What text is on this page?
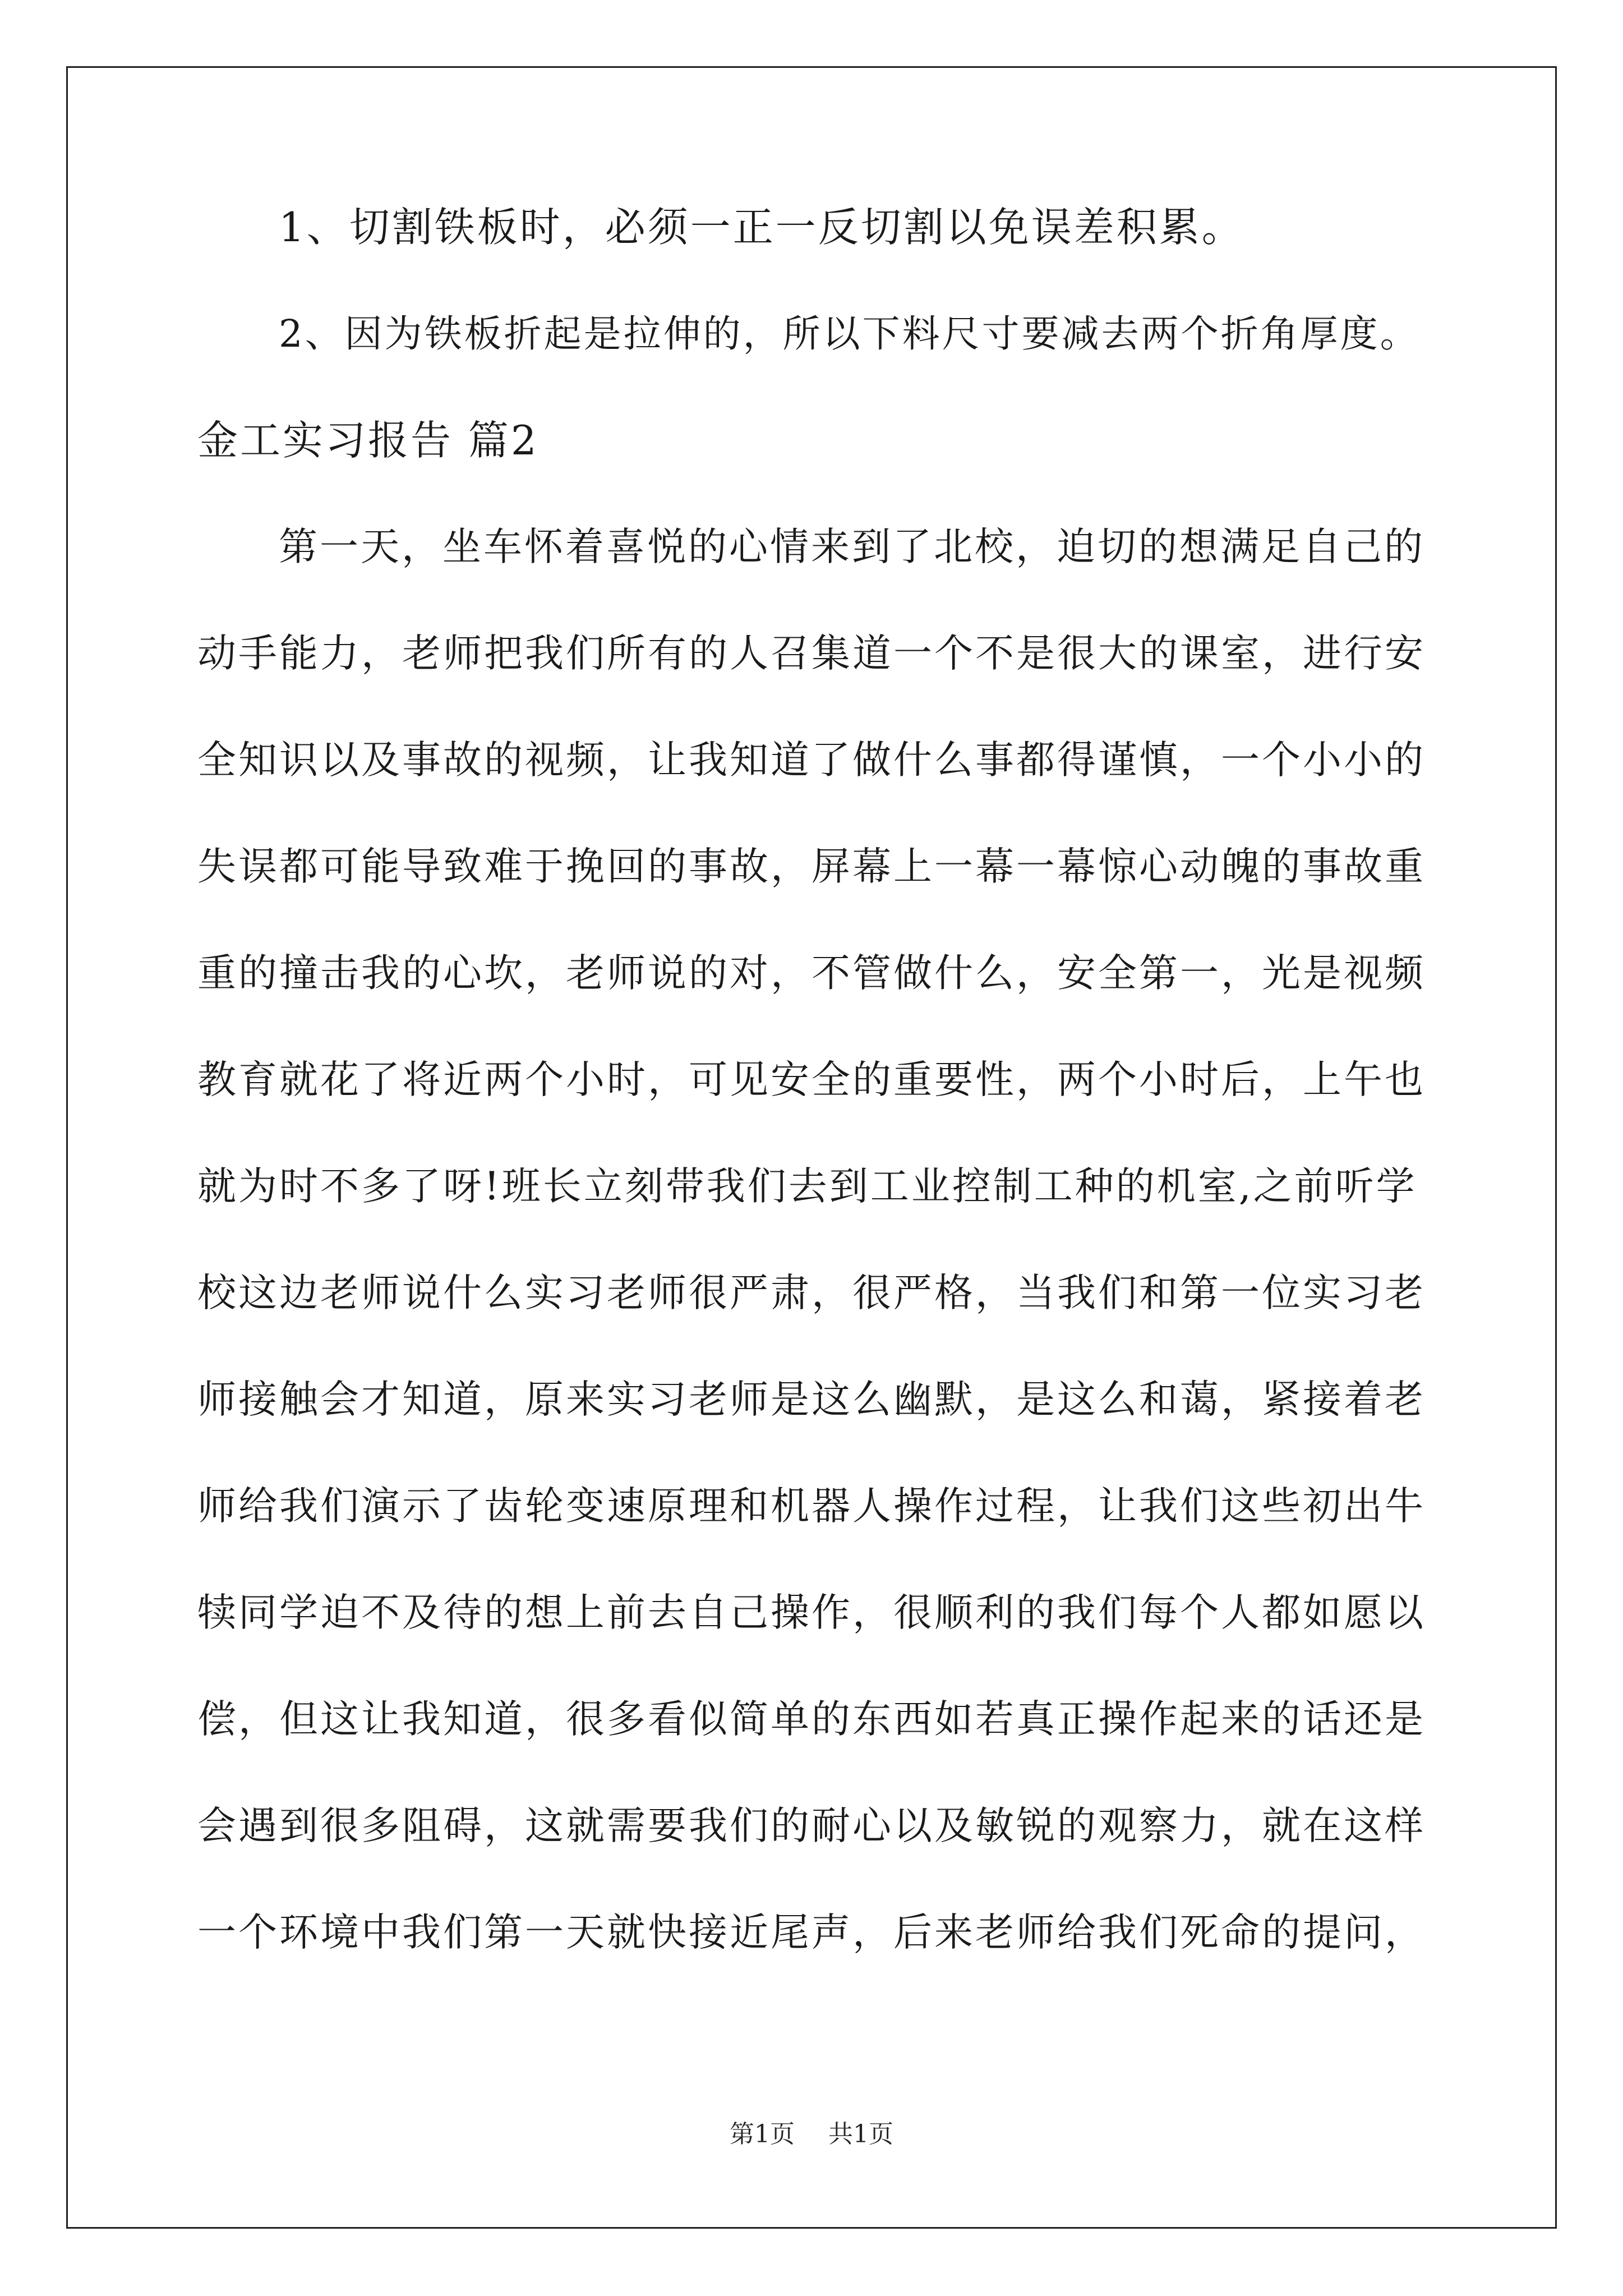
1、切割铁板时，必须一正一反切割以免误差积累。
2、因为铁板折起是拉伸的，所以下料尺寸要减去两个折角厚度。
金工实习报告 篇2
第一天，坐车怀着喜悦的心情来到了北校，迫切的想满足自己的
动手能力，老师把我们所有的人召集道一个不是很大的课室，进行安
全知识以及事故的视频，让我知道了做什么事都得谨慎，一个小小的
失误都可能导致难于挽回的事故，屏幕上一幕一幕惊心动魄的事故重
重的撞击我的心坎，老师说的对，不管做什么，安全第一，光是视频
教育就花了将近两个小时，可见安全的重要性，两个小时后，上午也
就为时不多了呀!班长立刻带我们去到工业控制工种的机室,之前听学
校这边老师说什么实习老师很严肃，很严格，当我们和第一位实习老
师接触会才知道，原来实习老师是这么幽默，是这么和蔼，紧接着老
师给我们演示了齿轮变速原理和机器人操作过程，让我们这些初出牛
犊同学迫不及待的想上前去自己操作，很顺利的我们每个人都如愿以
偿，但这让我知道，很多看似简单的东西如若真正操作起来的话还是
会遇到很多阻碍，这就需要我们的耐心以及敏锐的观察力，就在这样
一个环境中我们第一天就快接近尾声，后来老师给我们死命的提问，
第1页 共1页
